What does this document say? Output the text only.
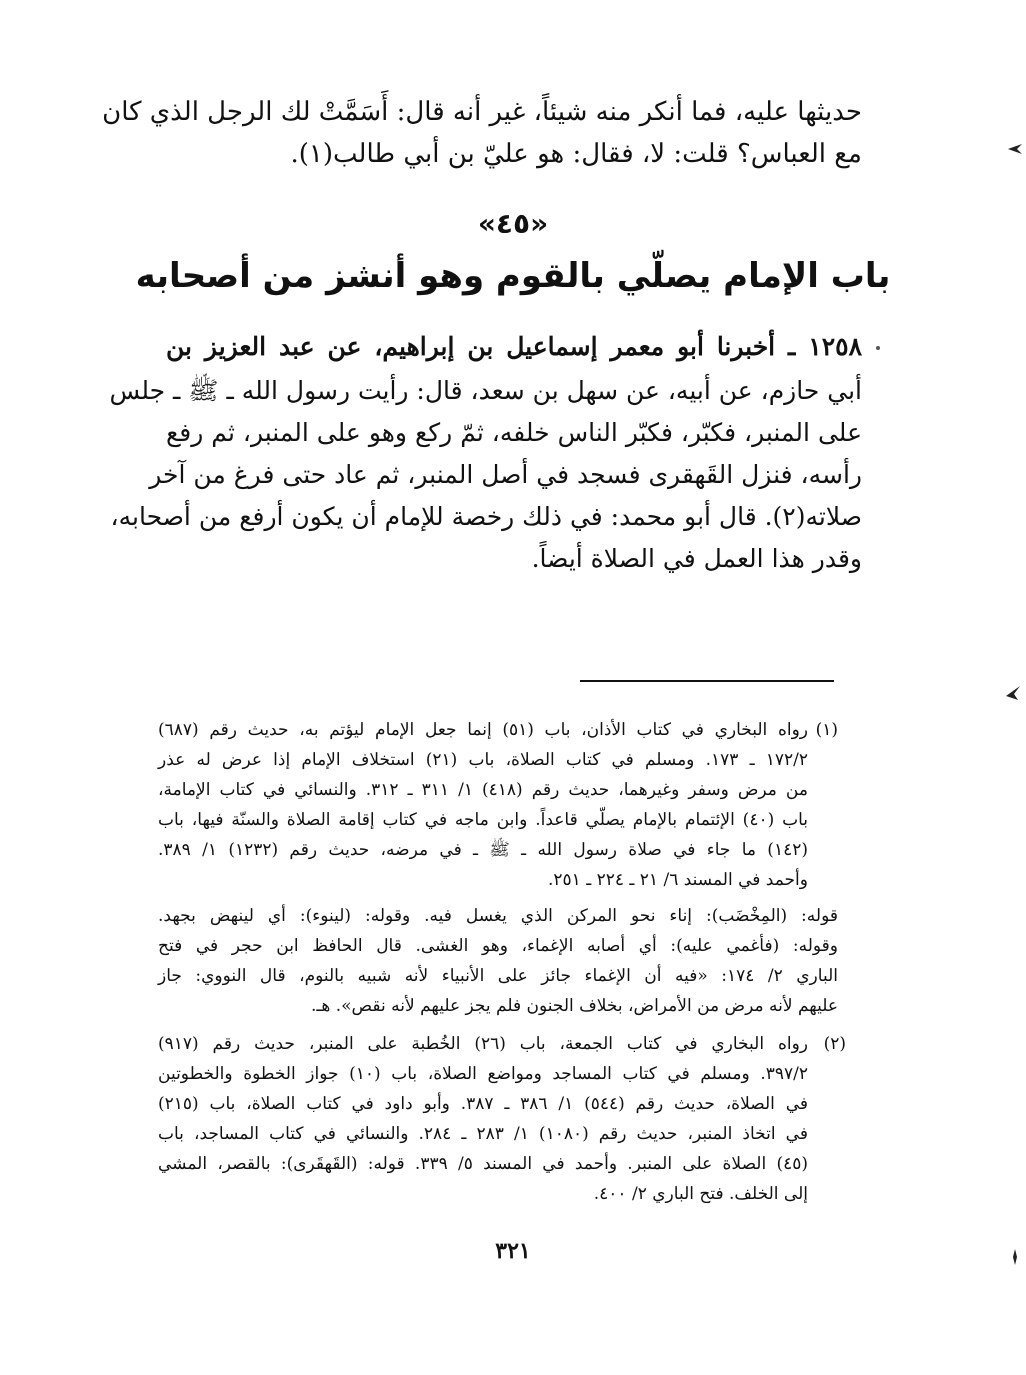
حديثها عليه، فما أنكر منه شيئاً، غير أنه قال: أَسَمَّتْ لك الرجل الذي كان
مع العباس؟ قلت: لا، فقال: هو عليّ بن أبي طالب(١).
«٤٥»
باب الإمام يصلّي بالقوم وهو أنشز من أصحابه
١٢٥٨ ـ أخبرنا أبو معمر إسماعيل بن إبراهيم، عن عبد العزيز بن
أبي حازم، عن أبيه، عن سهل بن سعد، قال: رأيت رسول الله ـ ﷺ ـ جلس
على المنبر، فكبّر، فكبّر الناس خلفه، ثمّ ركع وهو على المنبر، ثم رفع
رأسه، فنزل القَهقرى فسجد في أصل المنبر، ثم عاد حتى فرغ من آخر
صلاته(٢). قال أبو محمد: في ذلك رخصة للإمام أن يكون أرفع من أصحابه،
وقدر هذا العمل في الصلاة أيضاً.
(١)
رواه البخاري في كتاب الأذان، باب (٥١) إنما جعل الإمام ليؤتم به، حديث رقم (٦٨٧)
١٧٢/٢ ـ ١٧٣. ومسلم في كتاب الصلاة، باب (٢١) استخلاف الإمام إذا عرض له عذر
من مرض وسفر وغيرهما، حديث رقم (٤١٨) ١/ ٣١١ ـ ٣١٢. والنسائي في كتاب الإمامة،
باب (٤٠) الإئتمام بالإمام يصلّي قاعداً. وابن ماجه في كتاب إقامة الصلاة والسنّة فيها، باب
(١٤٢) ما جاء في صلاة رسول الله ـ ﷺ ـ في مرضه، حديث رقم (١٢٣٢) ١/ ٣٨٩.
وأحمد في المسند ٦/ ٢١ ـ ٢٢٤ ـ ٢٥١.
قوله: (المِخْضَب): إناء نحو المركن الذي يغسل فيه. وقوله: (لينوء): أي لينهض بجهد.
وقوله: (فأغمي عليه): أي أصابه الإغماء، وهو الغشى. قال الحافظ ابن حجر في فتح
الباري ٢/ ١٧٤: «فيه أن الإغماء جائز على الأنبياء لأنه شبيه بالنوم، قال النووي: جاز
عليهم لأنه مرض من الأمراض، بخلاف الجنون فلم يجز عليهم لأنه نقص». هـ.
(٢)
رواه البخاري في كتاب الجمعة، باب (٢٦) الخُطبة على المنبر، حديث رقم (٩١٧)
٣٩٧/٢. ومسلم في كتاب المساجد ومواضع الصلاة، باب (١٠) جواز الخطوة والخطوتين
في الصلاة، حديث رقم (٥٤٤) ١/ ٣٨٦ ـ ٣٨٧. وأبو داود في كتاب الصلاة، باب (٢١٥)
في اتخاذ المنبر، حديث رقم (١٠٨٠) ١/ ٢٨٣ ـ ٢٨٤. والنسائي في كتاب المساجد، باب
(٤٥) الصلاة على المنبر. وأحمد في المسند ٥/ ٣٣٩. قوله: (القَهقَرى): بالقصر، المشي
إلى الخلف. فتح الباري ٢/ ٤٠٠.
٣٢١
